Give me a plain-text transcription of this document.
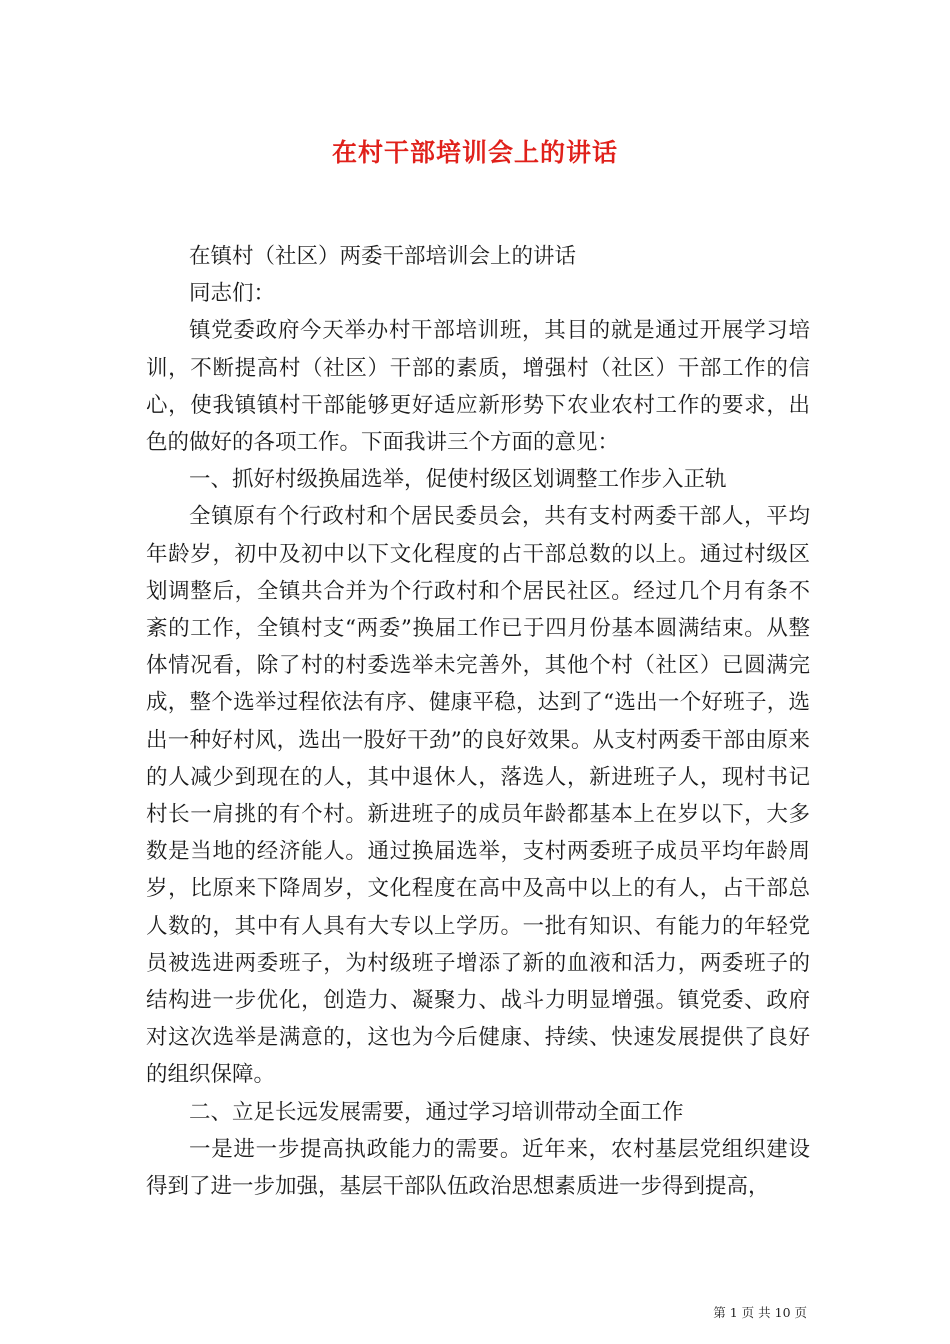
在村干部培训会上的讲话

在镇村（社区）两委干部培训会上的讲话

同志们：

镇党委政府今天举办村干部培训班，其目的就是通过开展学习培训，不断提高村（社区）干部的素质，增强村（社区）干部工作的信心，使我镇镇村干部能够更好适应新形势下农业农村工作的要求，出色的做好的各项工作。下面我讲三个方面的意见：

一、抓好村级换届选举，促使村级区划调整工作步入正轨

全镇原有个行政村和个居民委员会，共有支村两委干部人，平均年龄岁，初中及初中以下文化程度的占干部总数的以上。通过村级区划调整后，全镇共合并为个行政村和个居民社区。经过几个月有条不紊的工作，全镇村支“两委”换届工作已于四月份基本圆满结束。从整体情况看，除了村的村委选举未完善外，其他个村（社区）已圆满完成，整个选举过程依法有序、健康平稳，达到了“选出一个好班子，选出一种好村风，选出一股好干劲”的良好效果。从支村两委干部由原来的人减少到现在的人，其中退休人，落选人，新进班子人，现村书记村长一肩挑的有个村。新进班子的成员年龄都基本上在岁以下，大多数是当地的经济能人。通过换届选举，支村两委班子成员平均年龄周岁，比原来下降周岁，文化程度在高中及高中以上的有人，占干部总人数的，其中有人具有大专以上学历。一批有知识、有能力的年轻党员被选进两委班子，为村级班子增添了新的血液和活力，两委班子的结构进一步优化，创造力、凝聚力、战斗力明显增强。镇党委、政府对这次选举是满意的，这也为今后健康、持续、快速发展提供了良好的组织保障。

二、立足长远发展需要，通过学习培训带动全面工作

一是进一步提高执政能力的需要。近年来，农村基层党组织建设得到了进一步加强，基层干部队伍政治思想素质进一步得到提高，

第 1 页 共 10 页
